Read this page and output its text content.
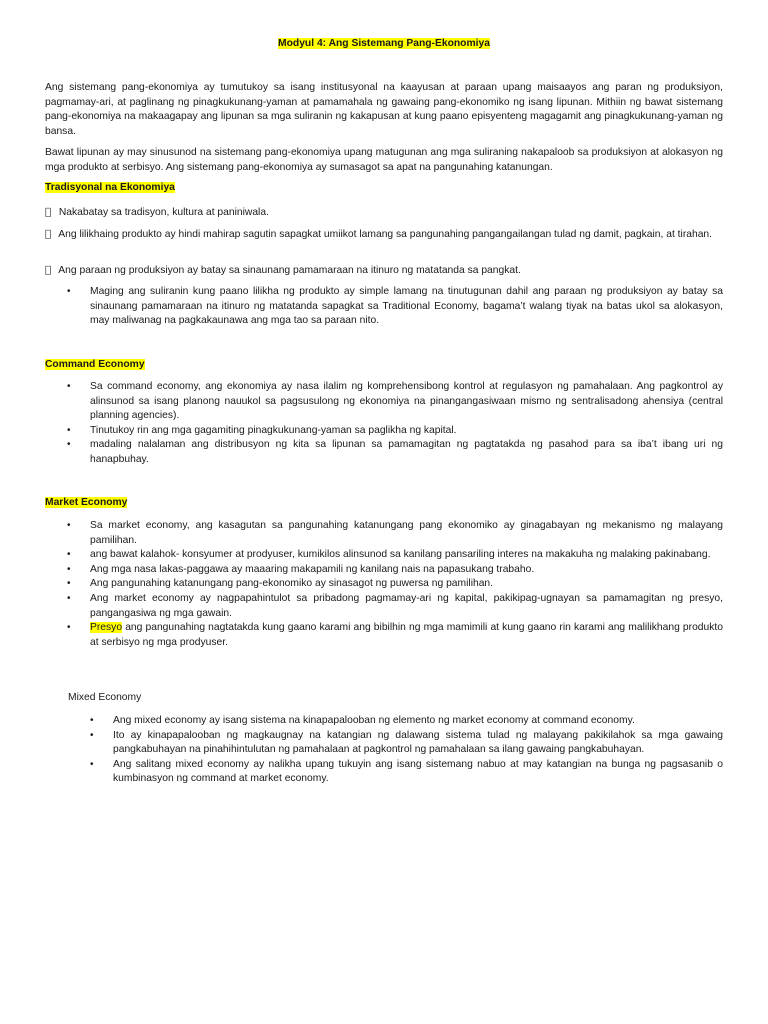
Modyul 4: Ang Sistemang Pang-Ekonomiya

Ang sistemang pang-ekonomiya ay tumutukoy sa isang institusyonal na kaayusan at paraan upang maisaayos ang paran ng produksiyon, pagmamay-ari, at paglinang ng pinagkukunang-yaman at pamamahala ng gawaing pang-ekonomiko ng isang lipunan. Mithiin ng bawat sistemang pang-ekonomiya na makaagapay ang lipunan sa mga suliranin ng kakapusan at kung paano episyenteng magagamit ang pinagkukunang-yaman ng bansa.

Bawat lipunan ay may sinusunod na sistemang pang-ekonomiya upang matugunan ang mga suliraning nakapaloob sa produksiyon at alokasyon ng mga produkto at serbisyo. Ang sistemang pang-ekonomiya ay sumasagot sa apat na pangunahing katanungan.

Tradisyonal na Ekonomiya

Nakabatay sa tradisyon, kultura at paniniwala.

Ang lilikhaing produkto ay hindi mahirap sagutin sapagkat umiikot lamang sa pangunahing pangangailangan tulad ng damit, pagkain, at tirahan.

Ang paraan ng produksiyon ay batay sa sinaunang pamamaraan na itinuro ng matatanda sa pangkat.

• Maging ang suliranin kung paano lilikha ng produkto ay simple lamang na tinutugunan dahil ang paraan ng produksiyon ay batay sa sinaunang pamamaraan na itinuro ng matatanda sapagkat sa Traditional Economy, bagama’t walang tiyak na batas ukol sa alokasyon, may maliwanag na pagkakaunawa ang mga tao sa paraan nito.

Command Economy

• Sa command economy, ang ekonomiya ay nasa ilalim ng komprehensibong kontrol at regulasyon ng pamahalaan. Ang pagkontrol ay alinsunod sa isang planong nauukol sa pagsusulong ng ekonomiya na pinangangasiwaan mismo ng sentralisadong ahensiya (central planning agencies).
• Tinutukoy rin ang mga gagamiting pinagkukunang-yaman sa paglikha ng kapital.
• madaling nalalaman ang distribusyon ng kita sa lipunan sa pamamagitan ng pagtatakda ng pasahod para sa iba’t ibang uri ng hanapbuhay.

Market Economy

• Sa market economy, ang kasagutan sa pangunahing katanungang pang ekonomiko ay ginagabayan ng mekanismo ng malayang pamilihan.
• ang bawat kalahok- konsyumer at prodyuser, kumikilos alinsunod sa kanilang pansariling interes na makakuha ng malaking pakinabang.
• Ang mga nasa lakas-paggawa ay maaaring makapamili ng kanilang nais na papasukang trabaho.
• Ang pangunahing katanungang pang-ekonomiko ay sinasagot ng puwersa ng pamilihan.
• Ang market economy ay nagpapahintulot sa pribadong pagmamay-ari ng kapital, pakikipag-ugnayan sa pamamagitan ng presyo, pangangasiwa ng mga gawain.
• Presyo ang pangunahing nagtatakda kung gaano karami ang bibilhin ng mga mamimili at kung gaano rin karami ang malilikhang produkto at serbisyo ng mga prodyuser.
Mixed Economy
• Ang mixed economy ay isang sistema na kinapapalooban ng elemento ng market economy at command economy.
• Ito ay kinapapalooban ng magkaugnay na katangian ng dalawang sistema tulad ng malayang pakikilahok sa mga gawaing pangkabuhayan na pinahihintulutan ng pamahalaan at pagkontrol ng pamahalaan sa ilang gawaing pangkabuhayan.
• Ang salitang mixed economy ay nalikha upang tukuyin ang isang sistemang nabuo at may katangian na bunga ng pagsasanib o kumbinasyon ng command at market economy.
